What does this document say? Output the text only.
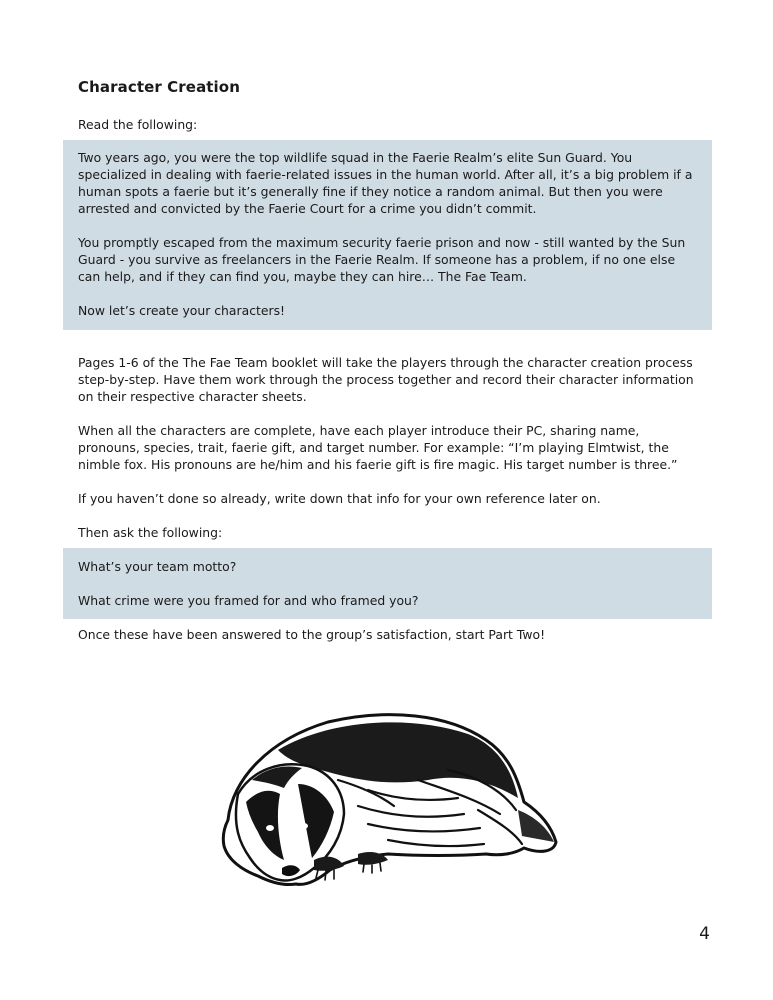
Character Creation

Read the following:

Two years ago, you were the top wildlife squad in the Faerie Realm’s elite Sun Guard. You specialized in dealing with faerie-related issues in the human world. After all, it’s a big problem if a human spots a faerie but it’s generally fine if they notice a random animal. But then you were arrested and convicted by the Faerie Court for a crime you didn’t commit.

You promptly escaped from the maximum security faerie prison and now - still wanted by the Sun Guard - you survive as freelancers in the Faerie Realm. If someone has a problem, if no one else can help, and if they can find you, maybe they can hire… The Fae Team.

Now let’s create your characters!

Pages 1-6 of the The Fae Team booklet will take the players through the character creation process step-by-step. Have them work through the process together and record their character information on their respective character sheets.

When all the characters are complete, have each player introduce their PC, sharing name, pronouns, species, trait, faerie gift, and target number. For example: “I’m playing Elmtwist, the nimble fox. His pronouns are he/him and his faerie gift is fire magic. His target number is three.”

If you haven’t done so already, write down that info for your own reference later on.

Then ask the following:

What’s your team motto?

What crime were you framed for and who framed you?

Once these have been answered to the group’s satisfaction, start Part Two!

4
